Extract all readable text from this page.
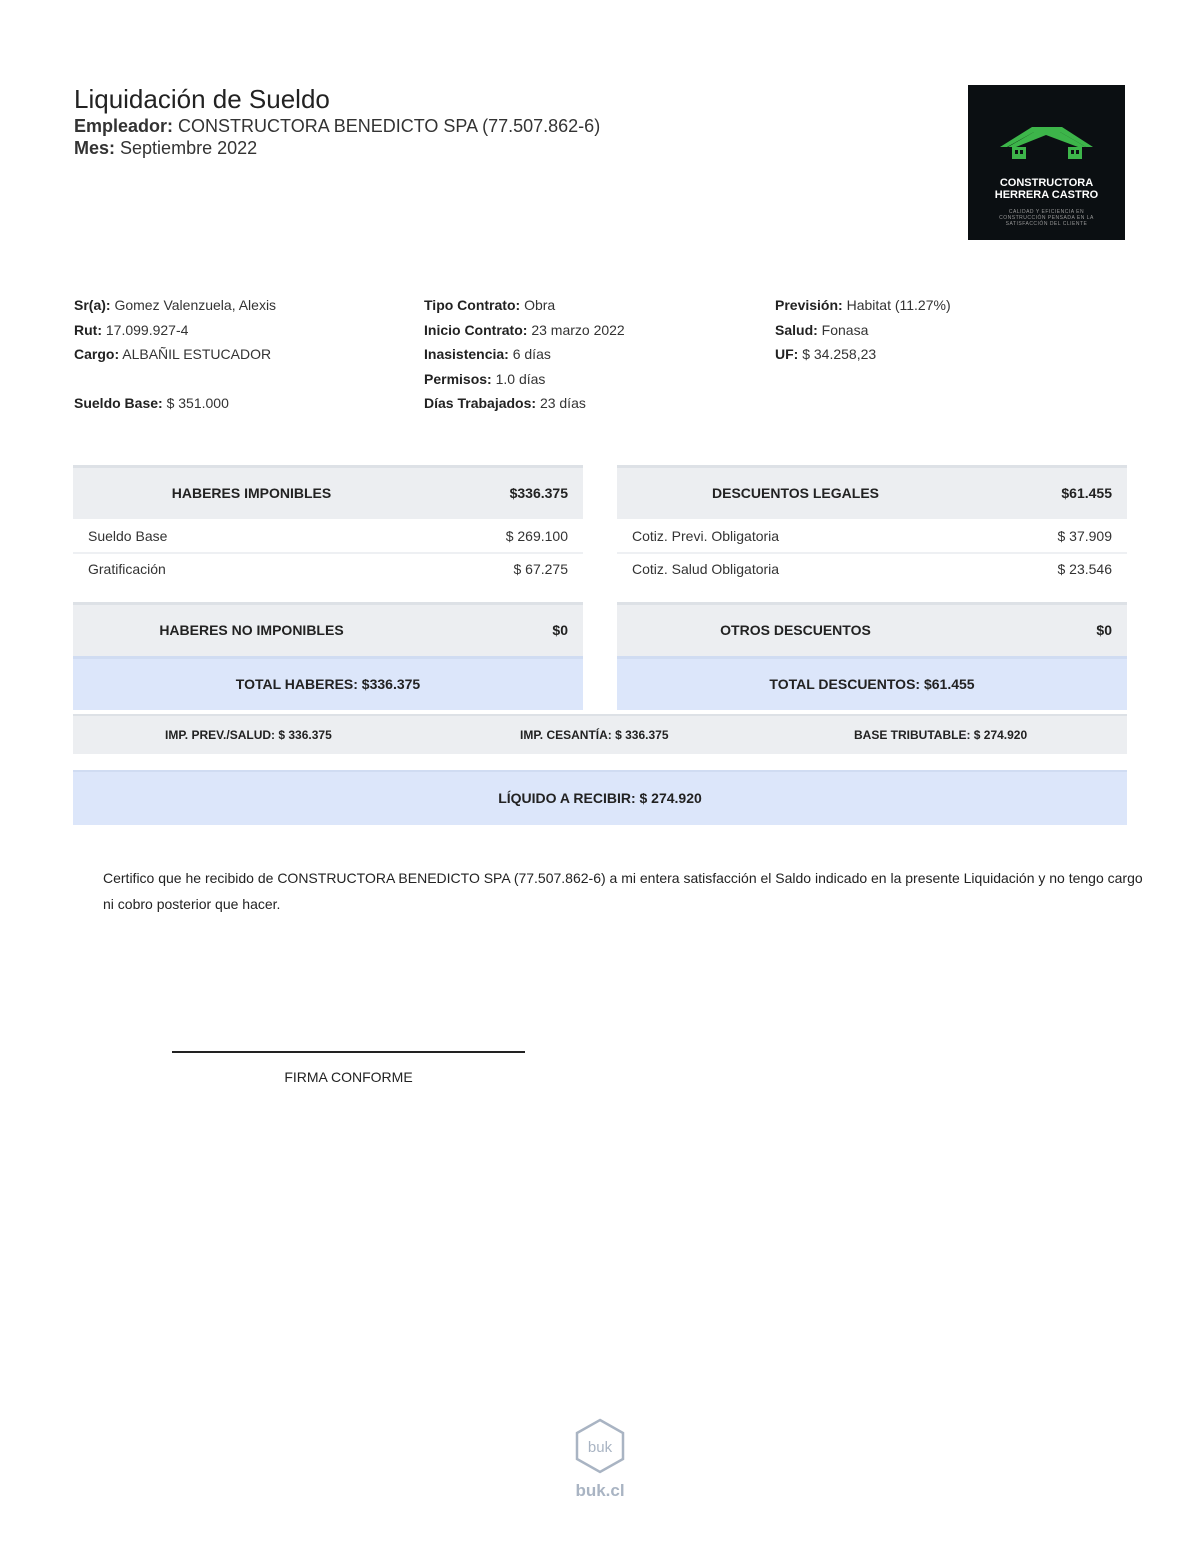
Liquidación de Sueldo
Empleador: CONSTRUCTORA BENEDICTO SPA (77.507.862-6)
Mes: Septiembre 2022
CONSTRUCTORA
HERRERA CASTRO
CALIDAD Y EFICIENCIA EN CONSTRUCCIÓN PENSADA EN LA SATISFACCIÓN DEL CLIENTE
Sr(a): Gomez Valenzuela, Alexis
Rut: 17.099.927-4
Cargo: ALBAÑIL ESTUCADOR
Sueldo Base: $ 351.000
Tipo Contrato: Obra
Inicio Contrato: 23 marzo 2022
Inasistencia: 6 días
Permisos: 1.0 días
Días Trabajados: 23 días
Previsión: Habitat (11.27%)
Salud: Fonasa
UF: $ 34.258,23
HABERES IMPONIBLES	$336.375
Sueldo Base	$ 269.100
Gratificación	$ 67.275
HABERES NO IMPONIBLES	$0
TOTAL HABERES: $336.375
DESCUENTOS LEGALES	$61.455
Cotiz. Previ. Obligatoria	$ 37.909
Cotiz. Salud Obligatoria	$ 23.546
OTROS DESCUENTOS	$0
TOTAL DESCUENTOS: $61.455
IMP. PREV./SALUD: $ 336.375	IMP. CESANTÍA: $ 336.375	BASE TRIBUTABLE: $ 274.920
LÍQUIDO A RECIBIR: $ 274.920
Certifico que he recibido de CONSTRUCTORA BENEDICTO SPA (77.507.862-6) a mi entera satisfacción el Saldo indicado en la presente Liquidación y no tengo cargo ni cobro posterior que hacer.
FIRMA CONFORME
buk
buk.cl
